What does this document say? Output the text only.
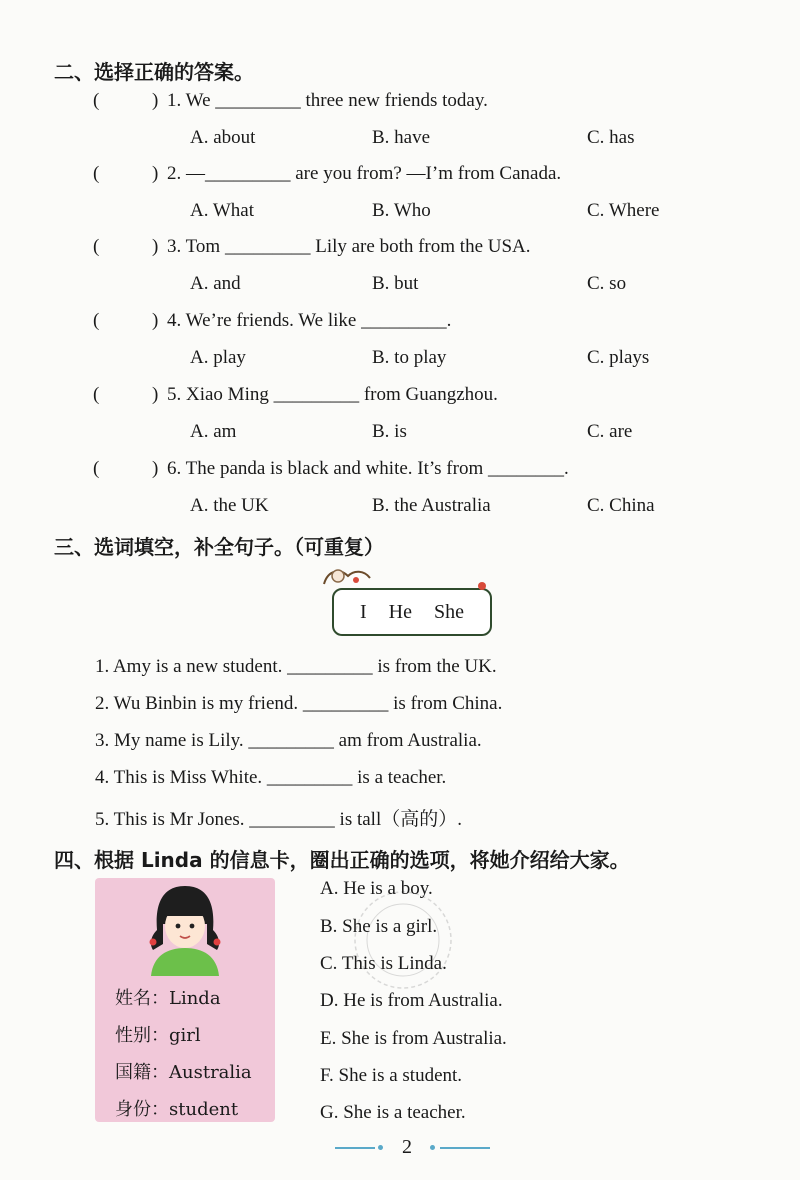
二、选择正确的答案。
(	) 1. We _________ three new friends today.
A. about	B. have	C. has
(	) 2. —_________ are you from? —I’m from Canada.
A. What	B. Who	C. Where
(	) 3. Tom _________ Lily are both from the USA.
A. and	B. but	C. so
(	) 4. We’re friends. We like _________.
A. play	B. to play	C. plays
(	) 5. Xiao Ming _________ from Guangzhou.
A. am	B. is	C. are
(	) 6. The panda is black and white. It’s from ________.
A. the UK	B. the Australia	C. China
三、选词填空，补全句子。（可重复）
I He She
1. Amy is a new student. _________ is from the UK.
2. Wu Binbin is my friend. _________ is from China.
3. My name is Lily. _________ am from Australia.
4. This is Miss White. _________ is a teacher.
5. This is Mr Jones. _________ is tall（高的）.
四、根据 Linda 的信息卡，圈出正确的选项，将她介绍给大家。
姓名：Linda
性别：girl
国籍：Australia
身份：student
A. He is a boy.
B. She is a girl.
C. This is Linda.
D. He is from Australia.
E. She is from Australia.
F. She is a student.
G. She is a teacher.
2
